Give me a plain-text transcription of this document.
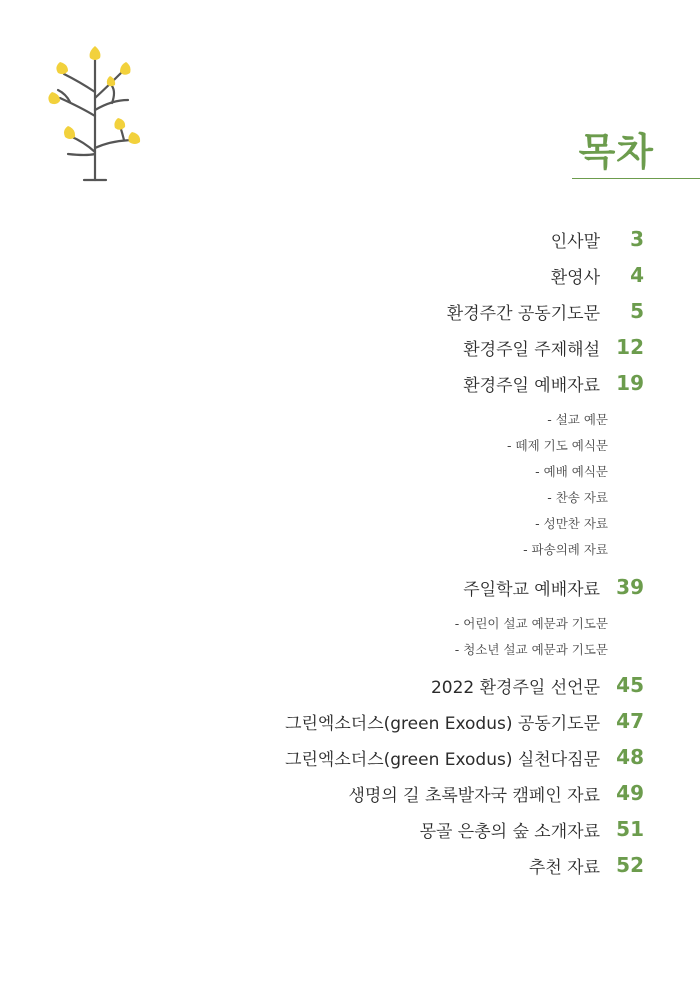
목차
인사말	3
환영사	4
환경주간 공동기도문	5
환경주일 주제해설 12
환경주일 예배자료 19
- 설교 예문
- 떼제 기도 예식문
- 예배 예식문
- 찬송 자료
- 성만찬 자료
- 파송의례 자료
주일학교 예배자료 39
- 어린이 설교 예문과 기도문
- 청소년 설교 예문과 기도문
2022 환경주일 선언문 45
그린엑소더스(green Exodus) 공동기도문 47
그린엑소더스(green Exodus) 실천다짐문 48
생명의 길 초록발자국 캠페인 자료 49
몽골 은총의 숲 소개자료 51
추천 자료 52
